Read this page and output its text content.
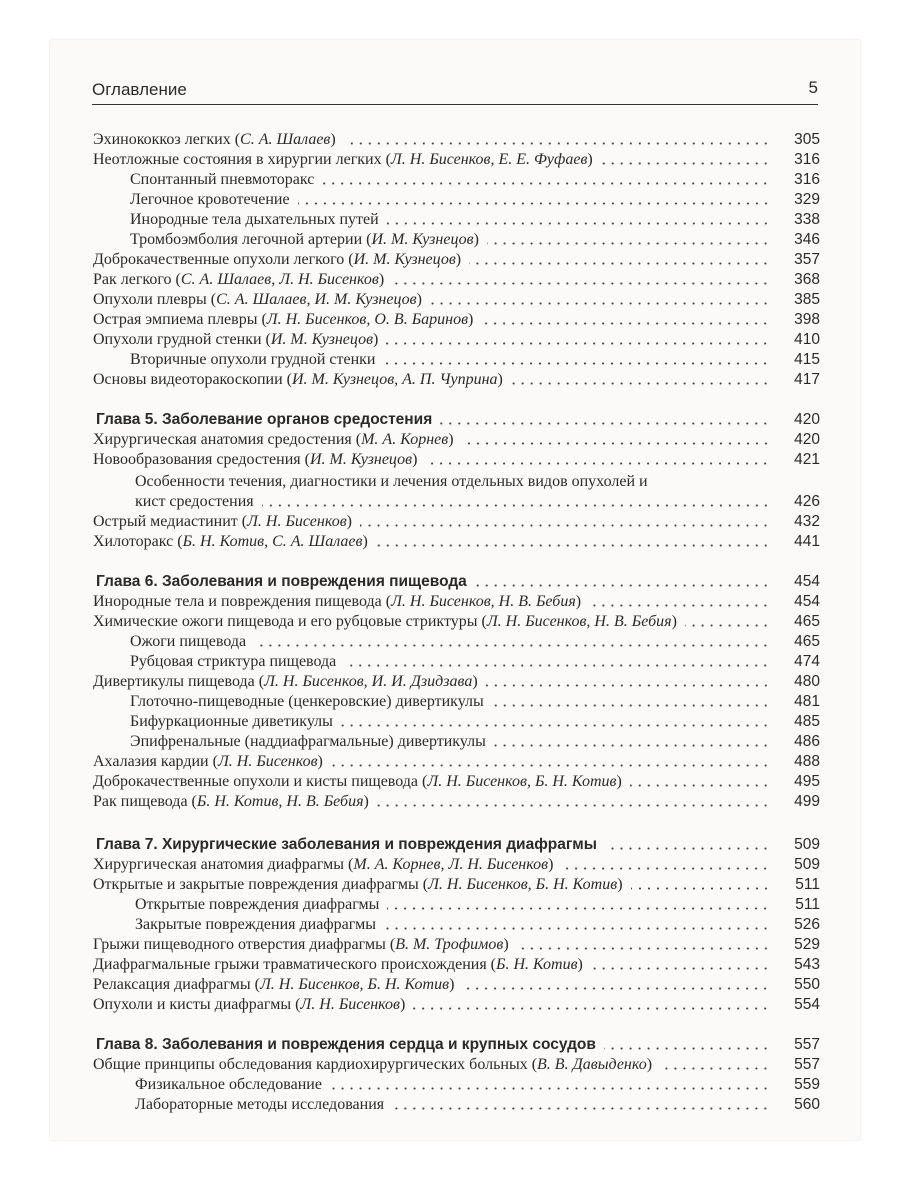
Оглавление	5
Эхинококкоз легких (С. А. Шалаев)	305
Неотложные состояния в хирургии легких (Л. Н. Бисенков, Е. Е. Фуфаев)	316
Спонтанный пневмоторакс	316
Легочное кровотечение	329
Инородные тела дыхательных путей	338
Тромбоэмболия легочной артерии (И. М. Кузнецов)	346
Доброкачественные опухоли легкого (И. М. Кузнецов)	357
Рак легкого (С. А. Шалаев, Л. Н. Бисенков)	368
Опухоли плевры (С. А. Шалаев, И. М. Кузнецов)	385
Острая эмпиема плевры (Л. Н. Бисенков, О. В. Баринов)	398
Опухоли грудной стенки (И. М. Кузнецов)	410
Вторичные опухоли грудной стенки	415
Основы видеоторакоскопии (И. М. Кузнецов, А. П. Чуприна)	417
Глава 5. Заболевание органов средостения	420
Хирургическая анатомия средостения (М. А. Корнев)	420
Новообразования средостения (И. М. Кузнецов)	421
Особенности течения, диагностики и лечения отдельных видов опухолей и
кист средостения	426
Острый медиастинит (Л. Н. Бисенков)	432
Хилоторакс (Б. Н. Котив, С. А. Шалаев)	441
Глава 6. Заболевания и повреждения пищевода	454
Инородные тела и повреждения пищевода (Л. Н. Бисенков, Н. В. Бебия)	454
Химические ожоги пищевода и его рубцовые стриктуры (Л. Н. Бисенков, Н. В. Бебия)	465
Ожоги пищевода	465
Рубцовая стриктура пищевода	474
Дивертикулы пищевода (Л. Н. Бисенков, И. И. Дзидзава)	480
Глоточно-пищеводные (ценкеровские) дивертикулы	481
Бифуркационные диветикулы	485
Эпифренальные (наддиафрагмальные) дивертикулы	486
Ахалазия кардии (Л. Н. Бисенков)	488
Доброкачественные опухоли и кисты пищевода (Л. Н. Бисенков, Б. Н. Котив)	495
Рак пищевода (Б. Н. Котив, Н. В. Бебия)	499
Глава 7. Хирургические заболевания и повреждения диафрагмы	509
Хирургическая анатомия диафрагмы (М. А. Корнев, Л. Н. Бисенков)	509
Открытые и закрытые повреждения диафрагмы (Л. Н. Бисенков, Б. Н. Котив)	511
Открытые повреждения диафрагмы	511
Закрытые повреждения диафрагмы	526
Грыжи пищеводного отверстия диафрагмы (В. М. Трофимов)	529
Диафрагмальные грыжи травматического происхождения (Б. Н. Котив)	543
Релаксация диафрагмы (Л. Н. Бисенков, Б. Н. Котив)	550
Опухоли и кисты диафрагмы (Л. Н. Бисенков)	554
Глава 8. Заболевания и повреждения сердца и крупных сосудов	557
Общие принципы обследования кардиохирургических больных (В. В. Давыденко)	557
Физикальное обследование	559
Лабораторные методы исследования	560
